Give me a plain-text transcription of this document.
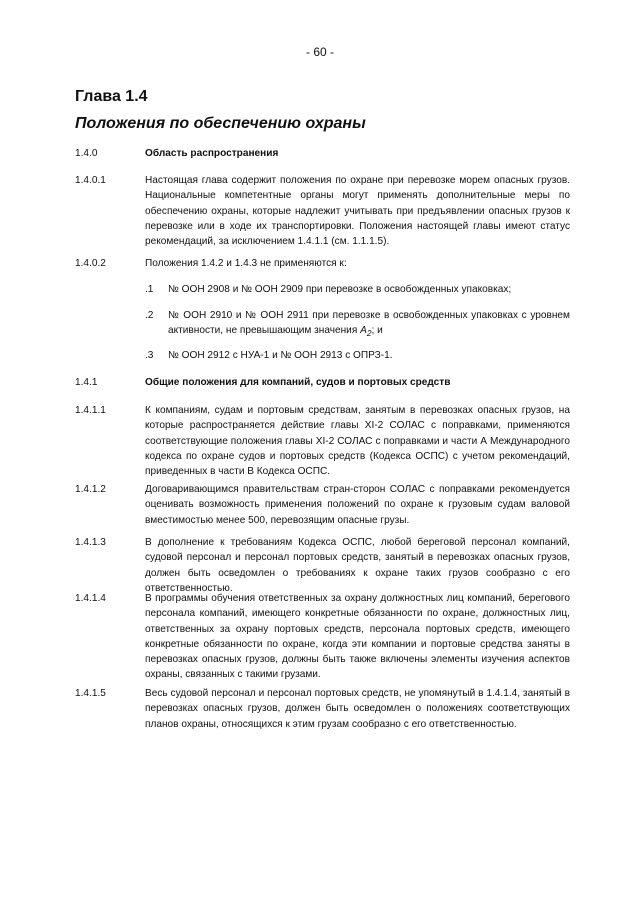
- 60 -
Глава 1.4
Положения по обеспечению охраны
1.4.0	Область распространения
1.4.0.1	Настоящая глава содержит положения по охране при перевозке морем опасных грузов. Национальные компетентные органы могут применять дополнительные меры по обеспечению охраны, которые надлежит учитывать при предъявлении опасных грузов к перевозке или в ходе их транспортировки. Положения настоящей главы имеют статус рекомендаций, за исключением 1.4.1.1 (см. 1.1.1.5).
1.4.0.2	Положения 1.4.2 и 1.4.3 не применяются к:
.1 № ООН 2908 и № ООН 2909 при перевозке в освобожденных упаковках;
.2 № ООН 2910 и № ООН 2911 при перевозке в освобожденных упаковках с уровнем активности, не превышающим значения $A_2$; и
.3 № ООН 2912 с НУА-1 и № ООН 2913 с ОПРЗ-1.
1.4.1	Общие положения для компаний, судов и портовых средств
1.4.1.1	К компаниям, судам и портовым средствам, занятым в перевозках опасных грузов, на которые распространяется действие главы XI-2 СОЛАС с поправками, применяются соответствующие положения главы XI-2 СОЛАС с поправками и части А Международного кодекса по охране судов и портовых средств (Кодекса ОСПС) с учетом рекомендаций, приведенных в части В Кодекса ОСПС.
1.4.1.2	Договаривающимся правительствам стран-сторон СОЛАС с поправками рекомендуется оценивать возможность применения положений по охране к грузовым судам валовой вместимостью менее 500, перевозящим опасные грузы.
1.4.1.3	В дополнение к требованиям Кодекса ОСПС, любой береговой персонал компаний, судовой персонал и персонал портовых средств, занятый в перевозках опасных грузов, должен быть осведомлен о требованиях к охране таких грузов сообразно с его ответственностью.
1.4.1.4	В программы обучения ответственных за охрану должностных лиц компаний, берегового персонала компаний, имеющего конкретные обязанности по охране, должностных лиц, ответственных за охрану портовых средств, персонала портовых средств, имеющего конкретные обязанности по охране, когда эти компании и портовые средства заняты в перевозках опасных грузов, должны быть также включены элементы изучения аспектов охраны, связанных с такими грузами.
1.4.1.5	Весь судовой персонал и персонал портовых средств, не упомянутый в 1.4.1.4, занятый в перевозках опасных грузов, должен быть осведомлен о положениях соответствующих планов охраны, относящихся к этим грузам сообразно с его ответственностью.
